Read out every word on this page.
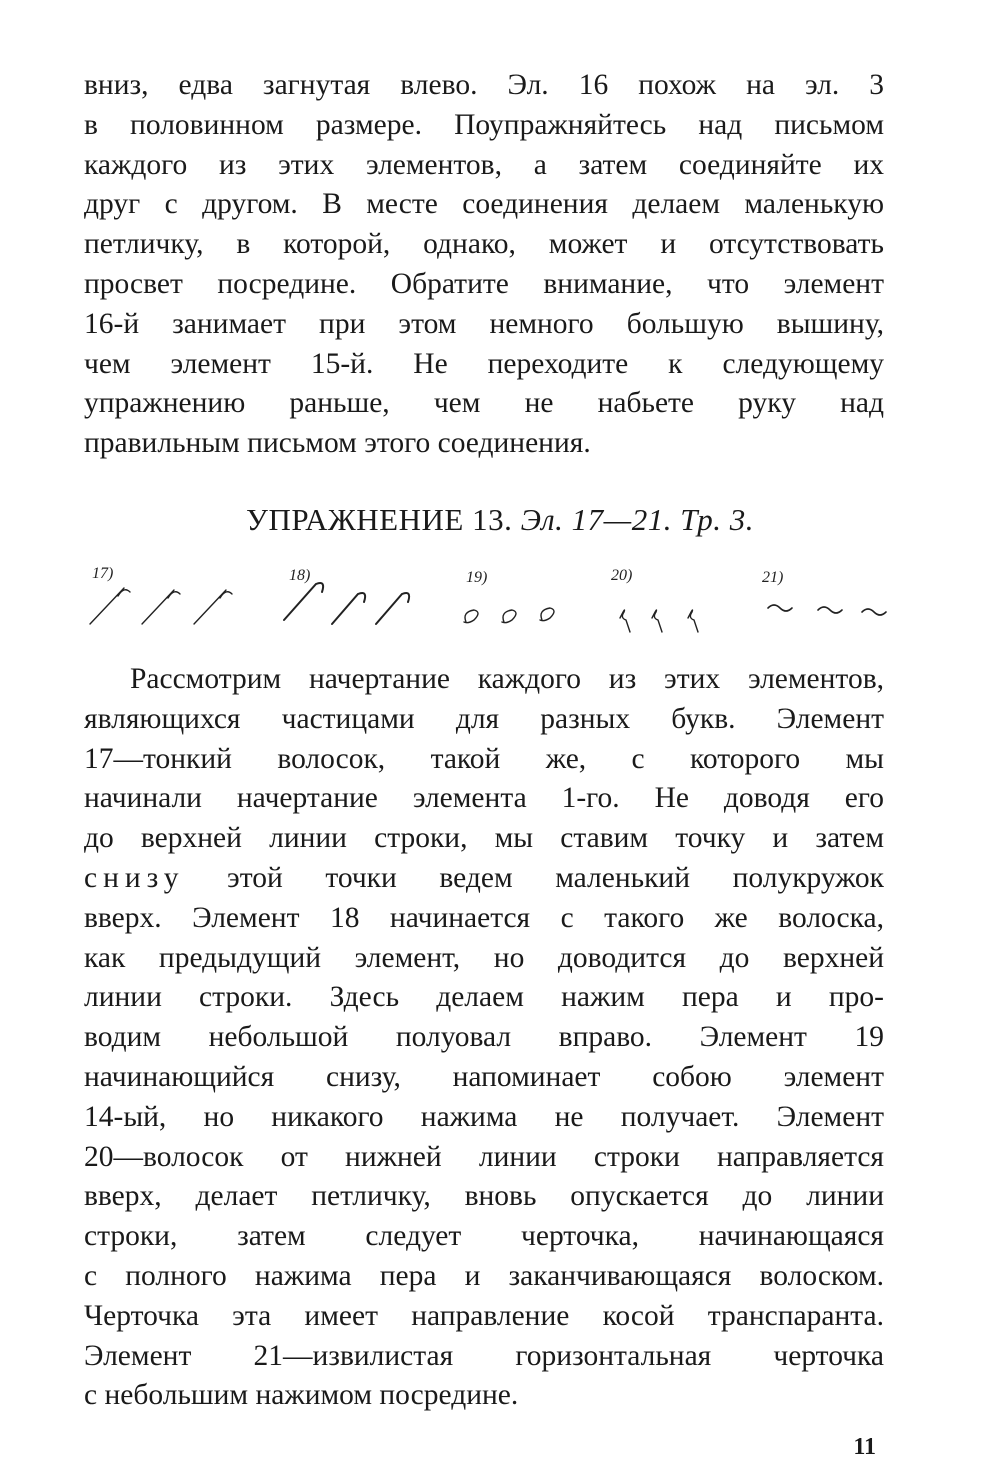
вниз, едва загнутая влево. Эл. 16 похож на эл. 3
в половинном размере. Поупражняйтесь над письмом
каждого из этих элементов, а затем соединяйте их
друг с другом. В месте соединения делаем маленькую
петличку, в которой, однако, может и отсутствовать
просвет посредине. Обратите внимание, что элемент
16-й занимает при этом немного большую вышину,
чем элемент 15-й. Не переходите к следующему
упражнению раньше, чем не набьете руку над
правильным письмом этого соединения.
УПРАЖНЕНИЕ 13. Эл. 17—21. Тр. 3.
17)	18)	19)	20)	21)
Рассмотрим начертание каждого из этих элементов,
являющихся частицами для разных букв. Элемент
17—тонкий волосок, такой же, с которого мы
начинали начертание элемента 1-го. Не доводя его
до верхней линии строки, мы ставим точку и затем
снизу этой точки ведем маленький полукружок
вверх. Элемент 18 начинается с такого же волоска,
как предыдущий элемент, но доводится до верхней
линии строки. Здесь делаем нажим пера и про-
водим небольшой полуовал вправо. Элемент 19
начинающийся снизу, напоминает собою элемент
14-ый, но никакого нажима не получает. Элемент
20—волосок от нижней линии строки направляется
вверх, делает петличку, вновь опускается до линии
строки, затем следует черточка, начинающаяся
с полного нажима пера и заканчивающаяся волоском.
Черточка эта имеет направление косой транспаранта.
Элемент 21—извилистая горизонтальная черточка
с небольшим нажимом посредине.
11
